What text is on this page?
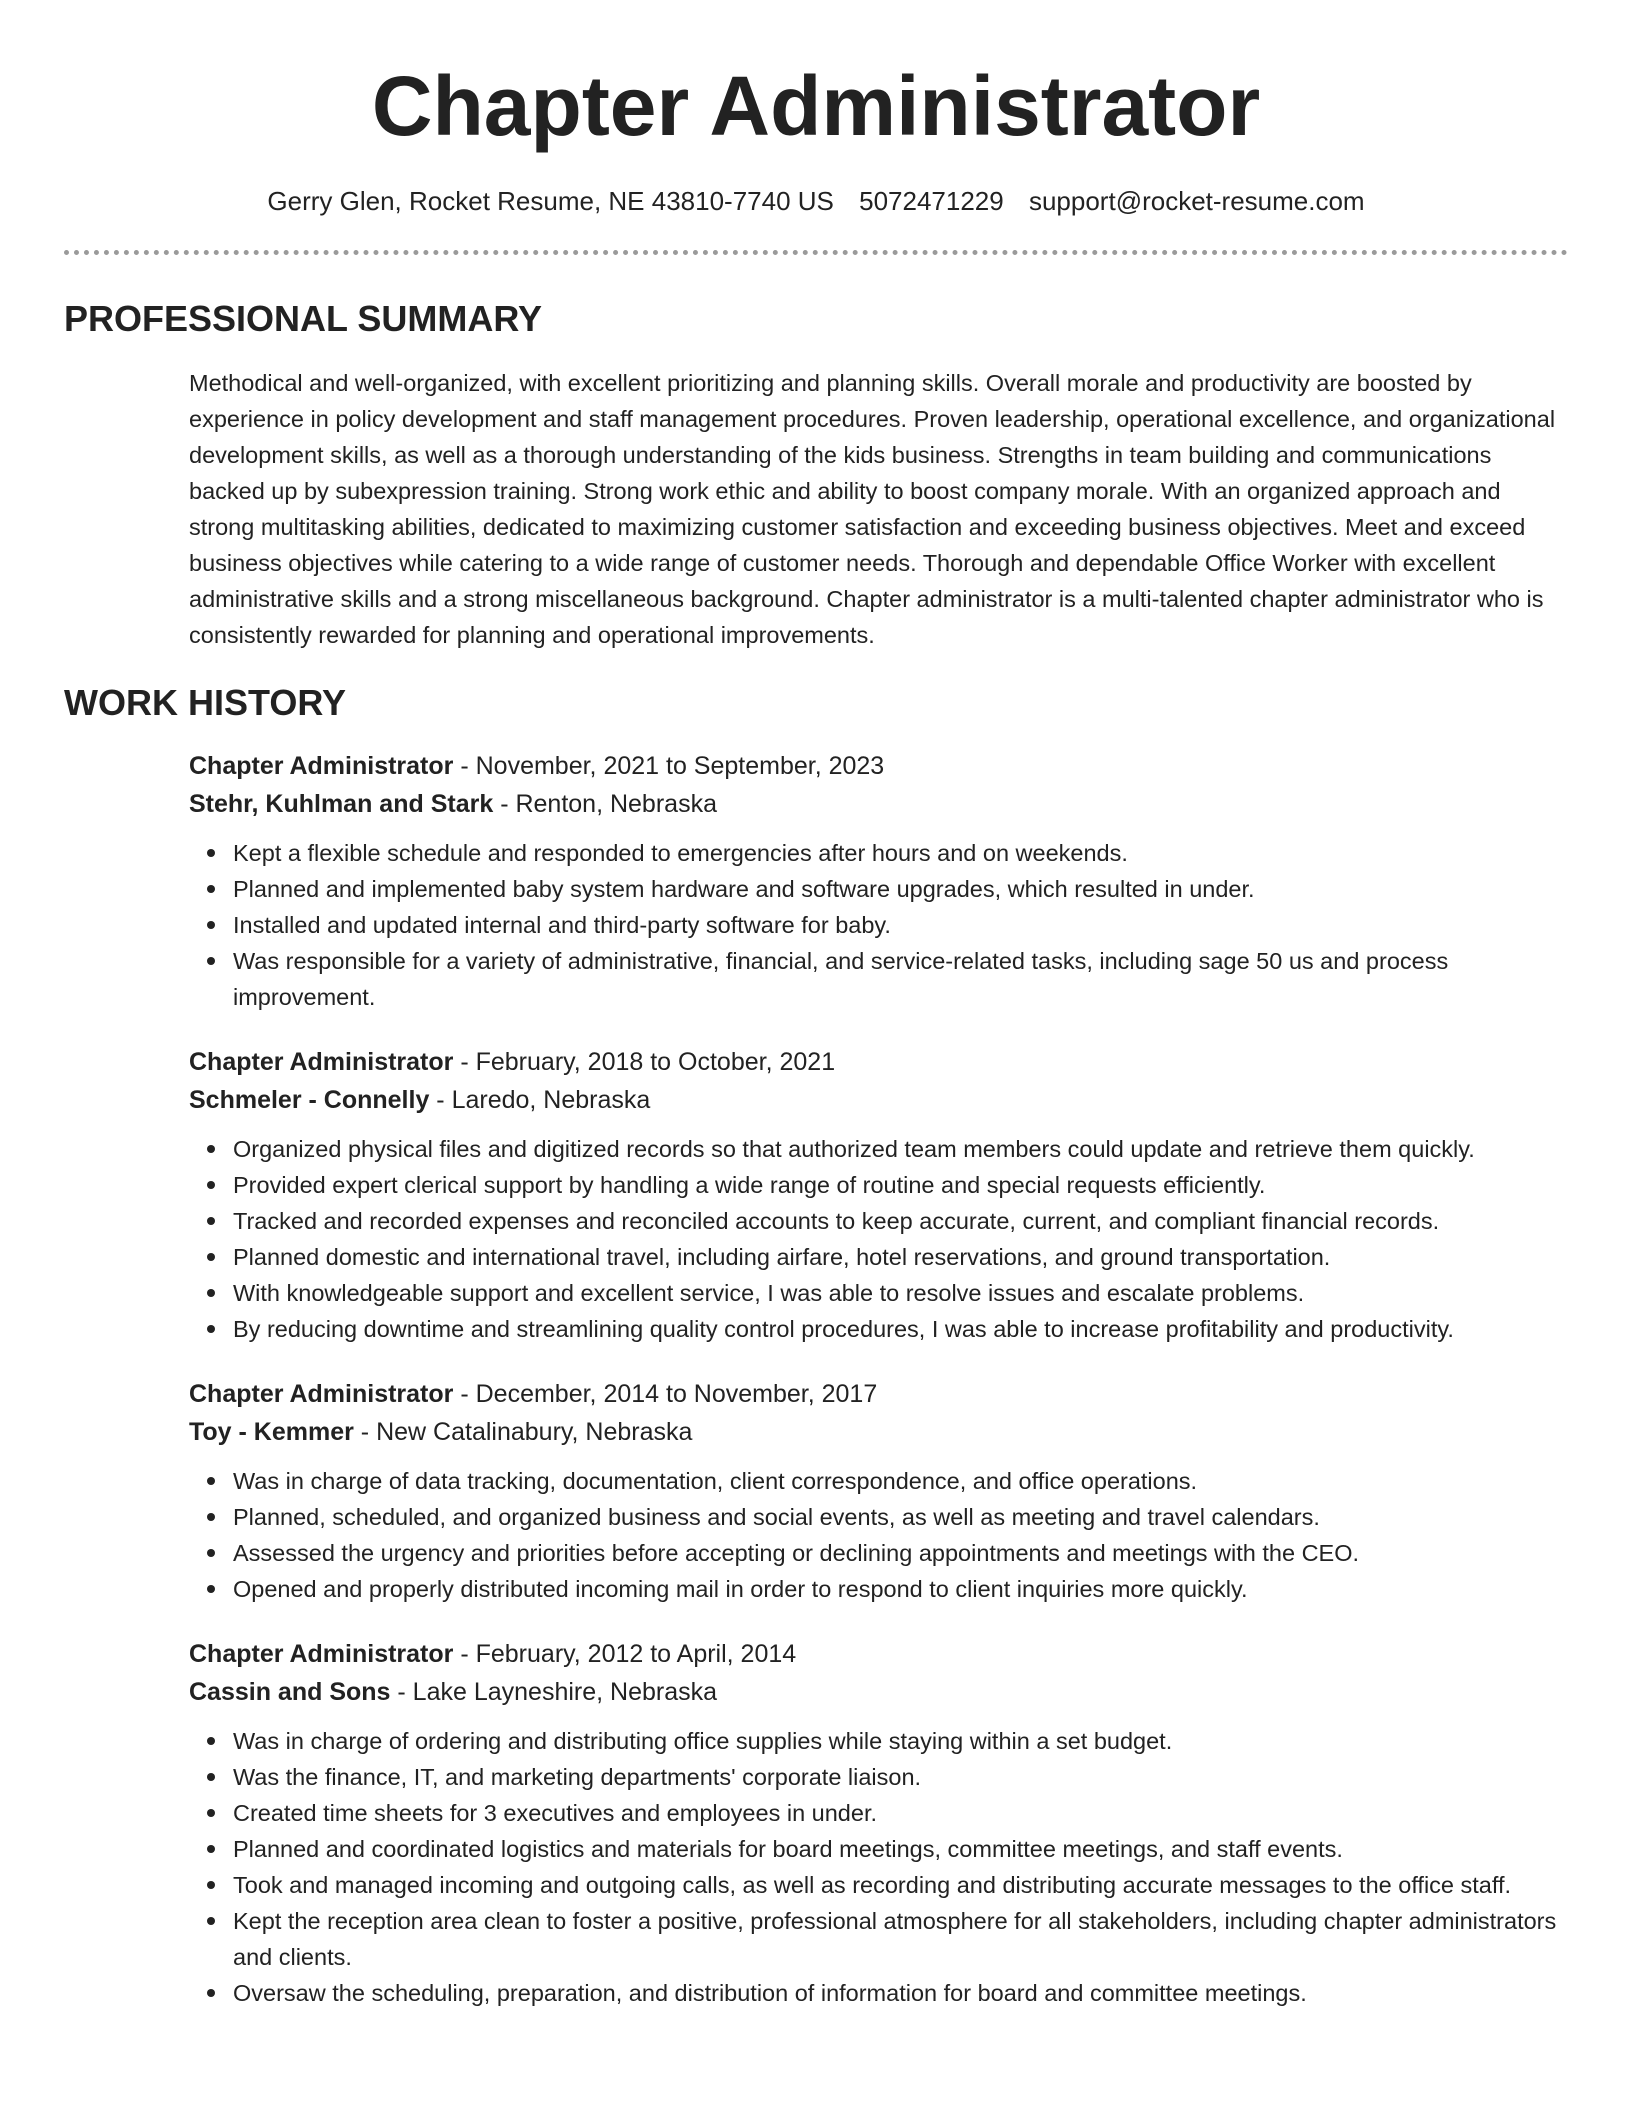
Chapter Administrator
Gerry Glen, Rocket Resume, NE 43810-7740 US 5072471229 support@rocket-resume.com
PROFESSIONAL SUMMARY

Methodical and well-organized, with excellent prioritizing and planning skills. Overall morale and productivity are boosted by experience in policy development and staff management procedures. Proven leadership, operational excellence, and organizational development skills, as well as a thorough understanding of the kids business. Strengths in team building and communications backed up by subexpression training. Strong work ethic and ability to boost company morale. With an organized approach and strong multitasking abilities, dedicated to maximizing customer satisfaction and exceeding business objectives. Meet and exceed business objectives while catering to a wide range of customer needs. Thorough and dependable Office Worker with excellent administrative skills and a strong miscellaneous background. Chapter administrator is a multi-talented chapter administrator who is consistently rewarded for planning and operational improvements.

WORK HISTORY
Chapter Administrator - November, 2021 to September, 2023
Stehr, Kuhlman and Stark - Renton, Nebraska
Kept a flexible schedule and responded to emergencies after hours and on weekends.
Planned and implemented baby system hardware and software upgrades, which resulted in under.
Installed and updated internal and third-party software for baby.
Was responsible for a variety of administrative, financial, and service-related tasks, including sage 50 us and process improvement.
Chapter Administrator - February, 2018 to October, 2021
Schmeler - Connelly - Laredo, Nebraska
Organized physical files and digitized records so that authorized team members could update and retrieve them quickly.
Provided expert clerical support by handling a wide range of routine and special requests efficiently.
Tracked and recorded expenses and reconciled accounts to keep accurate, current, and compliant financial records.
Planned domestic and international travel, including airfare, hotel reservations, and ground transportation.
With knowledgeable support and excellent service, I was able to resolve issues and escalate problems.
By reducing downtime and streamlining quality control procedures, I was able to increase profitability and productivity.
Chapter Administrator - December, 2014 to November, 2017
Toy - Kemmer - New Catalinabury, Nebraska
Was in charge of data tracking, documentation, client correspondence, and office operations.
Planned, scheduled, and organized business and social events, as well as meeting and travel calendars.
Assessed the urgency and priorities before accepting or declining appointments and meetings with the CEO.
Opened and properly distributed incoming mail in order to respond to client inquiries more quickly.
Chapter Administrator - February, 2012 to April, 2014
Cassin and Sons - Lake Layneshire, Nebraska
Was in charge of ordering and distributing office supplies while staying within a set budget.
Was the finance, IT, and marketing departments' corporate liaison.
Created time sheets for 3 executives and employees in under.
Planned and coordinated logistics and materials for board meetings, committee meetings, and staff events.
Took and managed incoming and outgoing calls, as well as recording and distributing accurate messages to the office staff.
Kept the reception area clean to foster a positive, professional atmosphere for all stakeholders, including chapter administrators and clients.
Oversaw the scheduling, preparation, and distribution of information for board and committee meetings.
